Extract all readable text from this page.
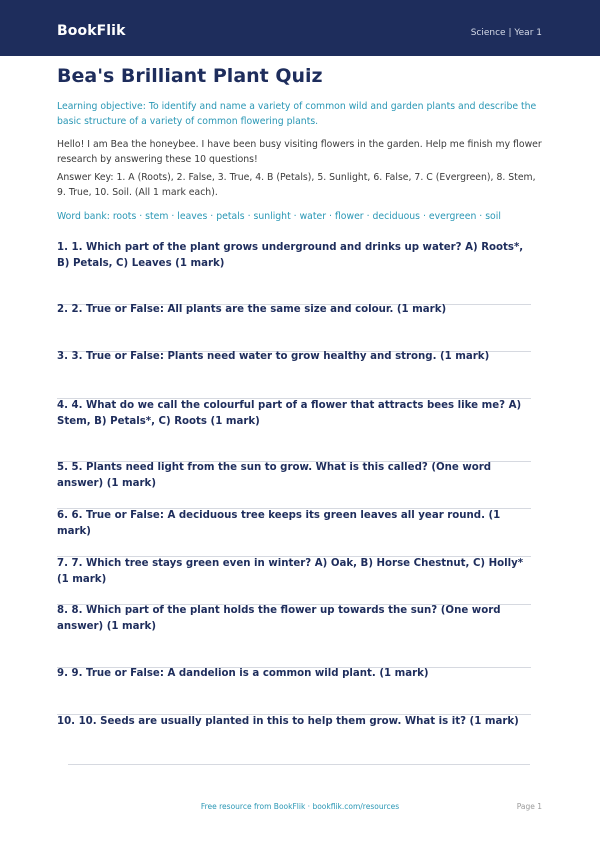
BookFlik	Science | Year 1
Bea's Brilliant Plant Quiz

Learning objective: To identify and name a variety of common wild and garden plants and describe the basic structure of a variety of common flowering plants.

Hello! I am Bea the honeybee. I have been busy visiting flowers in the garden. Help me finish my flower research by answering these 10 questions!

Answer Key: 1. A (Roots), 2. False, 3. True, 4. B (Petals), 5. Sunlight, 6. False, 7. C (Evergreen), 8. Stem, 9. True, 10. Soil. (All 1 mark each).

Word bank: roots · stem · leaves · petals · sunlight · water · flower · deciduous · evergreen · soil

1. 1. Which part of the plant grows underground and drinks up water? A) Roots*, B) Petals, C) Leaves (1 mark)

2. 2. True or False: All plants are the same size and colour. (1 mark)

3. 3. True or False: Plants need water to grow healthy and strong. (1 mark)

4. 4. What do we call the colourful part of a flower that attracts bees like me? A) Stem, B) Petals*, C) Roots (1 mark)

5. 5. Plants need light from the sun to grow. What is this called? (One word answer) (1 mark)

6. 6. True or False: A deciduous tree keeps its green leaves all year round. (1 mark)

7. 7. Which tree stays green even in winter? A) Oak, B) Horse Chestnut, C) Holly* (1 mark)

8. 8. Which part of the plant holds the flower up towards the sun? (One word answer) (1 mark)

9. 9. True or False: A dandelion is a common wild plant. (1 mark)

10. 10. Seeds are usually planted in this to help them grow. What is it? (1 mark)

Free resource from BookFlik · bookflik.com/resources	Page 1
